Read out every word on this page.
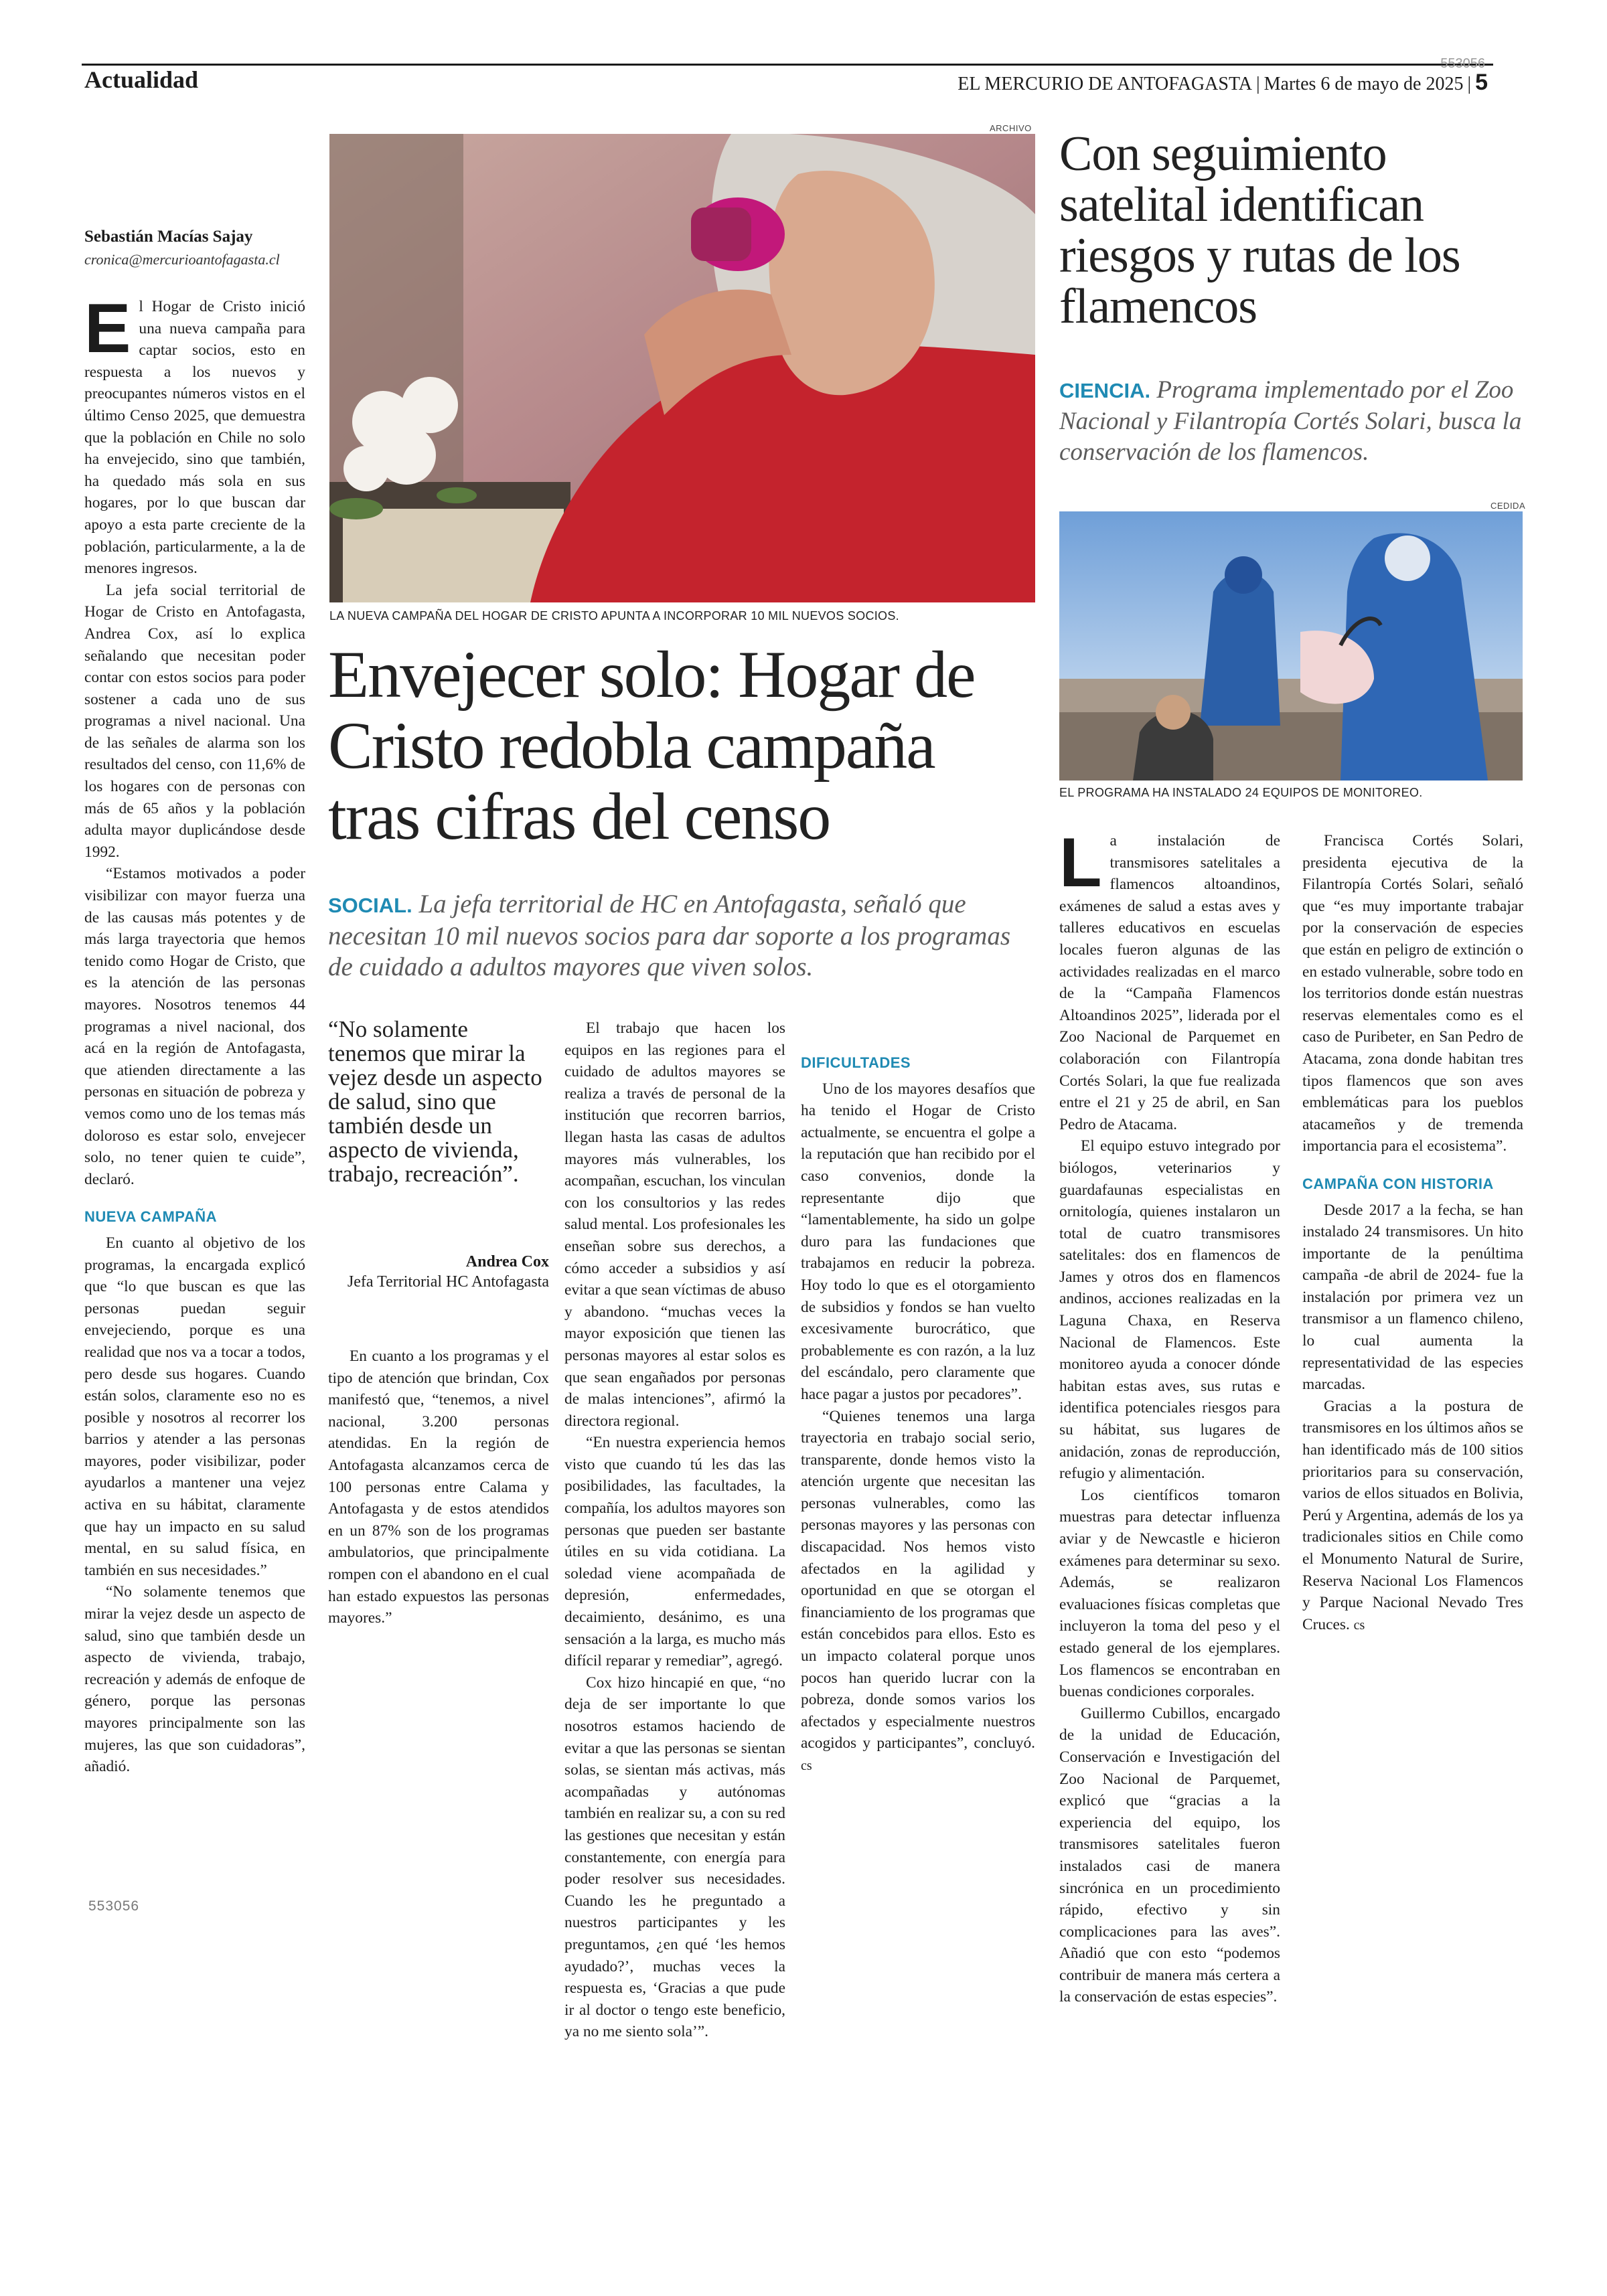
Actualidad
553056
EL MERCURIO DE ANTOFAGASTA | Martes 6 de mayo de 2025 | 5
Sebastián Macías Sajay
cronica@mercurioantofagasta.cl
ARCHIVO
LA NUEVA CAMPAÑA DEL HOGAR DE CRISTO APUNTA A INCORPORAR 10 MIL NUEVOS SOCIOS.
Envejecer solo: Hogar de Cristo redobla campaña tras cifras del censo
SOCIAL. La jefa territorial de HC en Antofagasta, señaló que necesitan 10 mil nuevos socios para dar soporte a los programas de cuidado a adultos mayores que viven solos.

El Hogar de Cristo inició una nueva campaña para captar socios, esto en respuesta a los nuevos y preocupantes números vistos en el último Censo 2025, que demuestra que la población en Chile no solo ha envejecido, sino que también, ha quedado más sola en sus hogares, por lo que buscan dar apoyo a esta parte creciente de la población, particularmente, a la de menores ingresos.

La jefa social territorial de Hogar de Cristo en Antofagasta, Andrea Cox, así lo explica señalando que necesitan poder contar con estos socios para poder sostener a cada uno de sus programas a nivel nacional. Una de las señales de alarma son los resultados del censo, con 11,6% de los hogares con de personas con más de 65 años y la población adulta mayor duplicándose desde 1992.

“Estamos motivados a poder visibilizar con mayor fuerza una de las causas más potentes y de más larga trayectoria que hemos tenido como Hogar de Cristo, que es la atención de las personas mayores. Nosotros tenemos 44 programas a nivel nacional, dos acá en la región de Antofagasta, que atienden directamente a las personas en situación de pobreza y vemos como uno de los temas más doloroso es estar solo, envejecer solo, no tener quien te cuide”, declaró.

NUEVA CAMPAÑA

En cuanto al objetivo de los programas, la encargada explicó que “lo que buscan es que las personas puedan seguir envejeciendo, porque es una realidad que nos va a tocar a todos, pero desde sus hogares. Cuando están solos, claramente eso no es posible y nosotros al recorrer los barrios y atender a las personas mayores, poder visibilizar, poder ayudarlos a mantener una vejez activa en su hábitat, claramente que hay un impacto en su salud mental, en su salud física, en también en sus necesidades.”

“No solamente tenemos que mirar la vejez desde un aspecto de salud, sino que también desde un aspecto de vivienda, trabajo, recreación y además de enfoque de género, porque las personas mayores principalmente son las mujeres, las que son cuidadoras”, añadió.

“No solamente tenemos que mirar la vejez desde un aspecto de salud, sino que también desde un aspecto de vivienda, trabajo, recreación”.
Andrea Cox
Jefa Territorial HC Antofagasta

En cuanto a los programas y el tipo de atención que brindan, Cox manifestó que, “tenemos, a nivel nacional, 3.200 personas atendidas. En la región de Antofagasta alcanzamos cerca de 100 personas entre Calama y Antofagasta y de estos atendidos en un 87% son de los programas ambulatorios, que principalmente rompen con el abandono en el cual han estado expuestos las personas mayores.”

El trabajo que hacen los equipos en las regiones para el cuidado de adultos mayores se realiza a través de personal de la institución que recorren barrios, llegan hasta las casas de adultos mayores más vulnerables, los acompañan, escuchan, los vinculan con los consultorios y las redes salud mental. Los profesionales les enseñan sobre sus derechos, a cómo acceder a subsidios y así evitar a que sean víctimas de abuso y abandono. “muchas veces la mayor exposición que tienen las personas mayores al estar solos es que sean engañados por personas de malas intenciones”, afirmó la directora regional.

“En nuestra experiencia hemos visto que cuando tú les das las posibilidades, las facultades, la compañía, los adultos mayores son personas que pueden ser bastante útiles en su vida cotidiana. La soledad viene acompañada de depresión, enfermedades, decaimiento, desánimo, es una sensación a la larga, es mucho más difícil reparar y remediar”, agregó.

Cox hizo hincapié en que, “no deja de ser importante lo que nosotros estamos haciendo de evitar a que las personas se sientan solas, se sientan más activas, más acompañadas y autónomas también en realizar su, a con su red las gestiones que necesitan y están constantemente, con energía para poder resolver sus necesidades. Cuando les he preguntado a nuestros participantes y les preguntamos, ¿en qué ‘les hemos ayudado?’, muchas veces la respuesta es, ‘Gracias a que pude ir al doctor o tengo este beneficio, ya no me siento sola’”.

DIFICULTADES

Uno de los mayores desafíos que ha tenido el Hogar de Cristo actualmente, se encuentra el golpe a la reputación que han recibido por el caso convenios, donde la representante dijo que “lamentablemente, ha sido un golpe duro para las fundaciones que trabajamos en reducir la pobreza. Hoy todo lo que es el otorgamiento de subsidios y fondos se han vuelto excesivamente burocrático, que probablemente es con razón, a la luz del escándalo, pero claramente que hace pagar a justos por pecadores”.

“Quienes tenemos una larga trayectoria en trabajo social serio, transparente, donde hemos visto la atención urgente que necesitan las personas vulnerables, como las personas mayores y las personas con discapacidad. Nos hemos visto afectados en la agilidad y oportunidad en que se otorgan el financiamiento de los programas que están concebidos para ellos. Esto es un impacto colateral porque unos pocos han querido lucrar con la pobreza, donde somos varios los afectados y especialmente nuestros acogidos y participantes”, concluyó. cs

553056
Con seguimiento satelital identifican riesgos y rutas de los flamencos
CIENCIA. Programa implementado por el Zoo Nacional y Filantropía Cortés Solari, busca la conservación de los flamencos.
CEDIDA
EL PROGRAMA HA INSTALADO 24 EQUIPOS DE MONITOREO.

La instalación de transmisores satelitales a flamencos altoandinos, exámenes de salud a estas aves y talleres educativos en escuelas locales fueron algunas de las actividades realizadas en el marco de la “Campaña Flamencos Altoandinos 2025”, liderada por el Zoo Nacional de Parquemet en colaboración con Filantropía Cortés Solari, la que fue realizada entre el 21 y 25 de abril, en San Pedro de Atacama.

El equipo estuvo integrado por biólogos, veterinarios y guardafaunas especialistas en ornitología, quienes instalaron un total de cuatro transmisores satelitales: dos en flamencos de James y otros dos en flamencos andinos, acciones realizadas en la Laguna Chaxa, en Reserva Nacional de Flamencos. Este monitoreo ayuda a conocer dónde habitan estas aves, sus rutas e identifica potenciales riesgos para su hábitat, sus lugares de anidación, zonas de reproducción, refugio y alimentación.

Los científicos tomaron muestras para detectar influenza aviar y de Newcastle e hicieron exámenes para determinar su sexo. Además, se realizaron evaluaciones físicas completas que incluyeron la toma del peso y el estado general de los ejemplares. Los flamencos se encontraban en buenas condiciones corporales.

Guillermo Cubillos, encargado de la unidad de Educación, Conservación e Investigación del Zoo Nacional de Parquemet, explicó que “gracias a la experiencia del equipo, los transmisores satelitales fueron instalados casi de manera sincrónica en un procedimiento rápido, efectivo y sin complicaciones para las aves”. Añadió que con esto “podemos contribuir de manera más certera a la conservación de estas especies”.

Francisca Cortés Solari, presidenta ejecutiva de la Filantropía Cortés Solari, señaló que “es muy importante trabajar por la conservación de especies que están en peligro de extinción o en estado vulnerable, sobre todo en los territorios donde están nuestras reservas elementales como es el caso de Puribeter, en San Pedro de Atacama, zona donde habitan tres tipos flamencos que son aves emblemáticas para los pueblos atacameños y de tremenda importancia para el ecosistema”.

CAMPAÑA CON HISTORIA

Desde 2017 a la fecha, se han instalado 24 transmisores. Un hito importante de la penúltima campaña -de abril de 2024- fue la instalación por primera vez un transmisor a un flamenco chileno, lo cual aumenta la representatividad de las especies marcadas.

Gracias a la postura de transmisores en los últimos años se han identificado más de 100 sitios prioritarios para su conservación, varios de ellos situados en Bolivia, Perú y Argentina, además de los ya tradicionales sitios en Chile como el Monumento Natural de Surire, Reserva Nacional Los Flamencos y Parque Nacional Nevado Tres Cruces. cs
